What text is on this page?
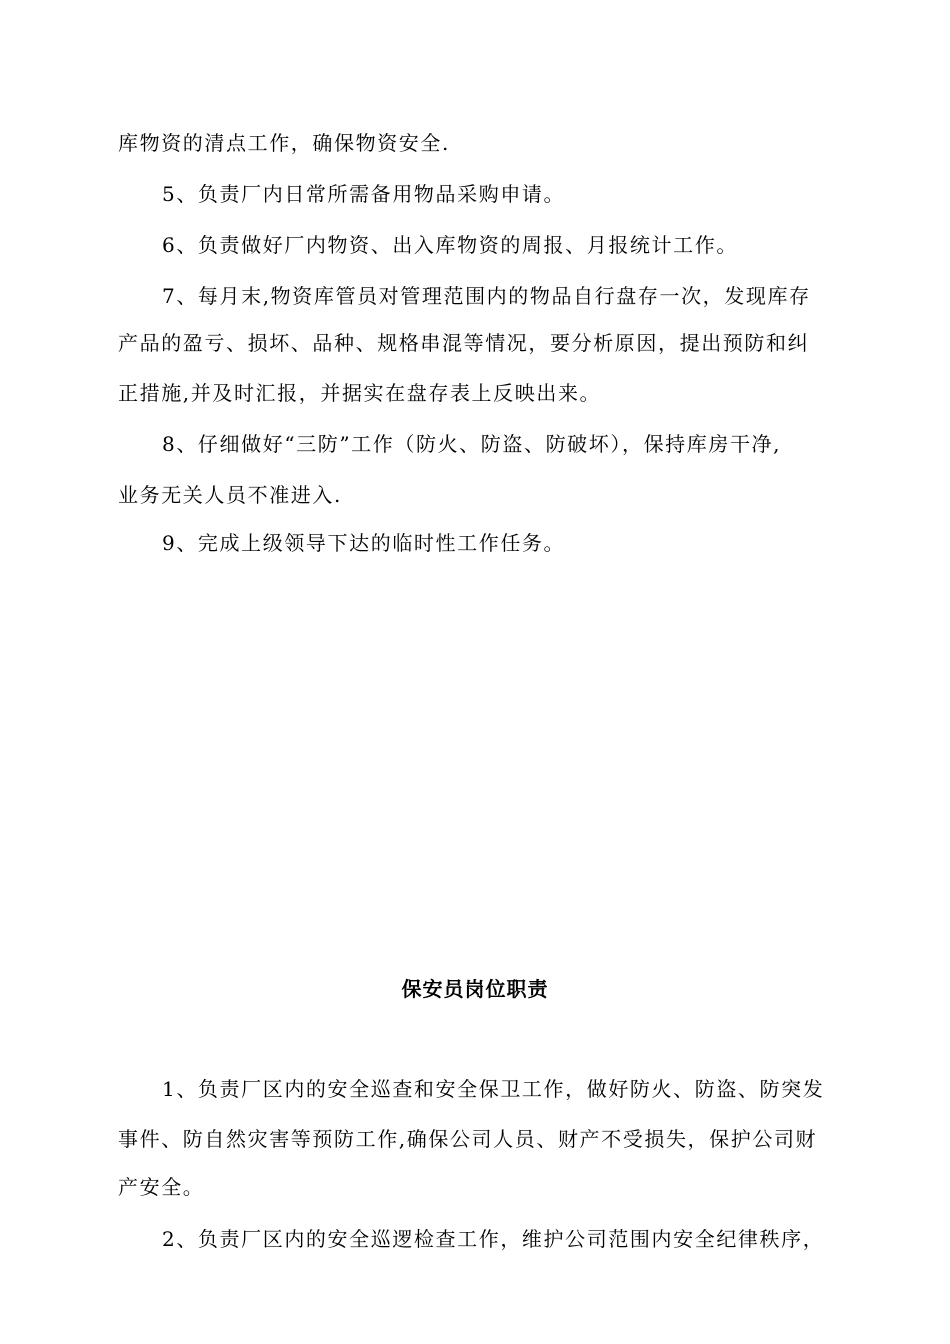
库物资的清点工作，确保物资安全.
5、负责厂内日常所需备用物品采购申请。
6、负责做好厂内物资、出入库物资的周报、月报统计工作。
7、每月末,物资库管员对管理范围内的物品自行盘存一次，发现库存
产品的盈亏、损坏、品种、规格串混等情况，要分析原因，提出预防和纠
正措施,并及时汇报，并据实在盘存表上反映出来。
8、仔细做好“三防”工作（防火、防盗、防破坏），保持库房干净,
业务无关人员不准进入.
9、完成上级领导下达的临时性工作任务。
保安员岗位职责
1、负责厂区内的安全巡查和安全保卫工作，做好防火、防盗、防突发
事件、防自然灾害等预防工作,确保公司人员、财产不受损失，保护公司财
产安全。
2、负责厂区内的安全巡逻检查工作，维护公司范围内安全纪律秩序，
